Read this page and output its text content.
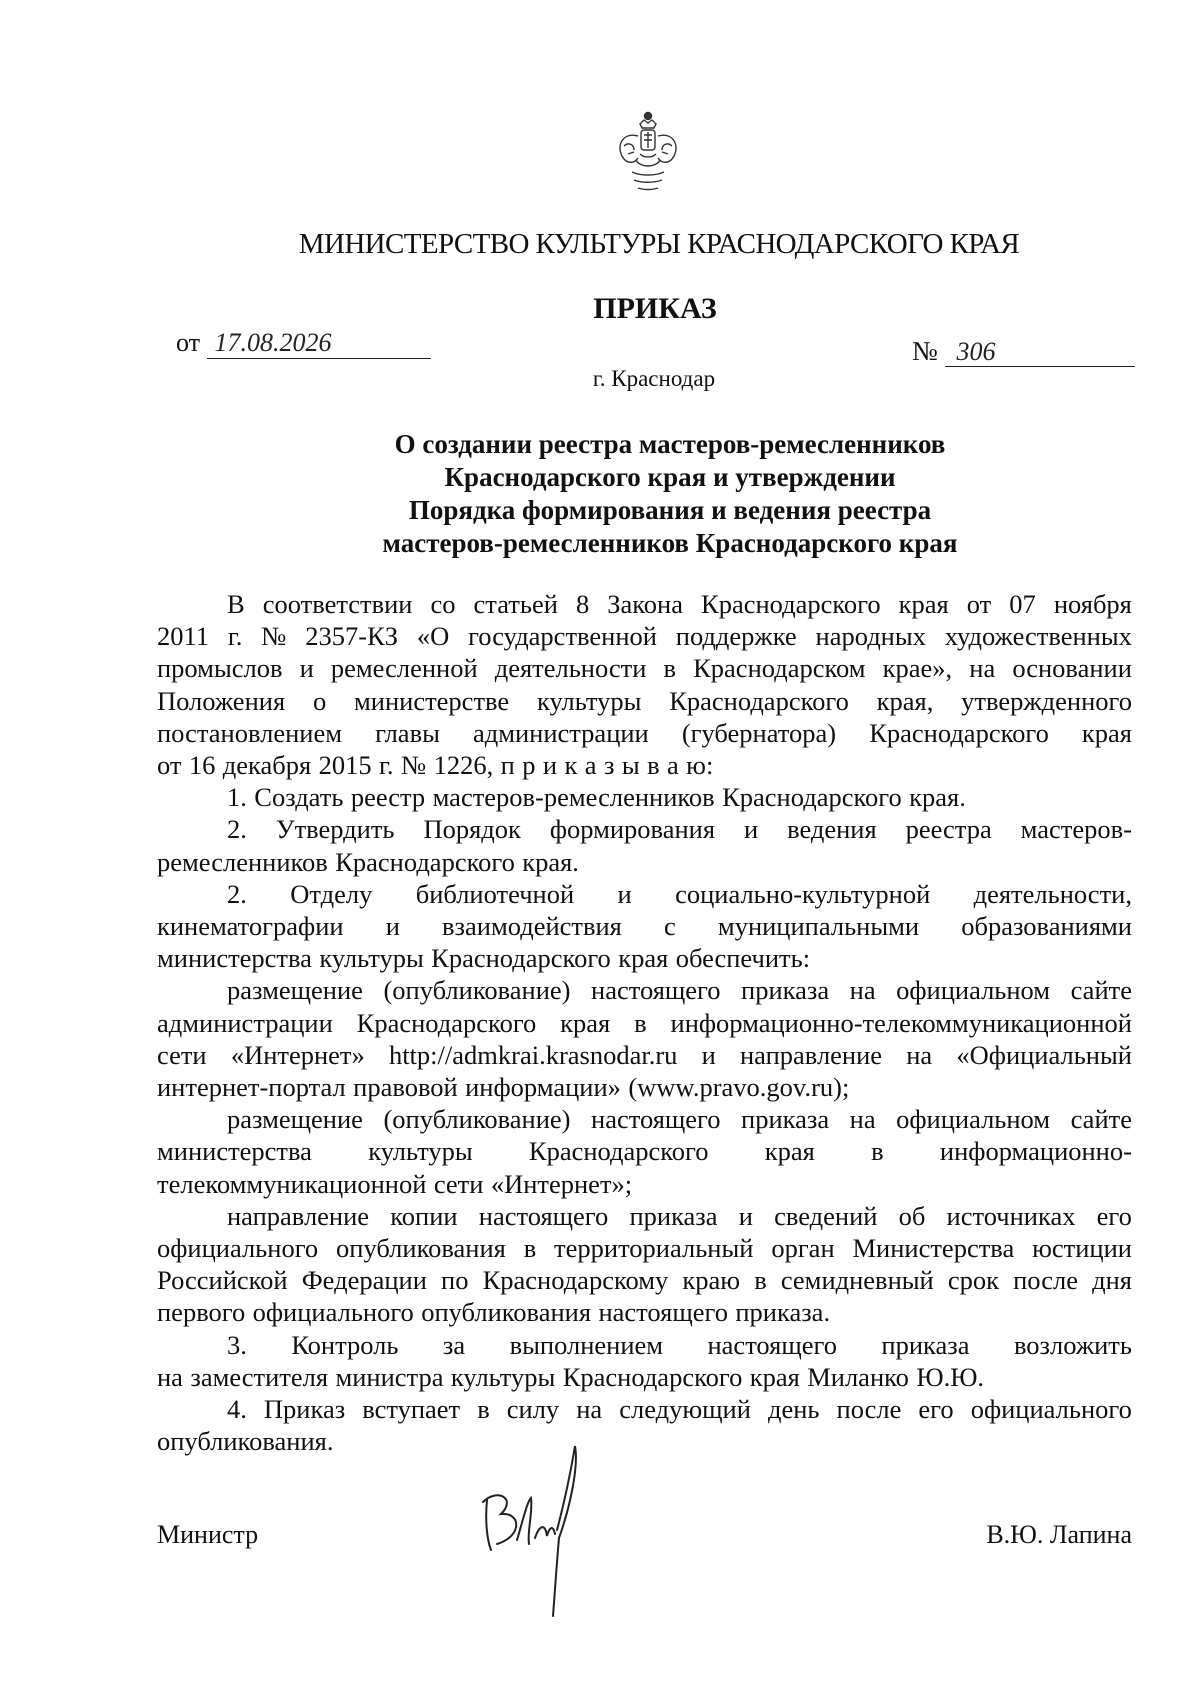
МИНИСТЕРСТВО КУЛЬТУРЫ КРАСНОДАРСКОГО КРАЯ
ПРИКАЗ
от 17.08.2026	№ 306
г. Краснодар
О создании реестра мастеров-ремесленников
Краснодарского края и утверждении
Порядка формирования и ведения реестра
мастеров-ремесленников Краснодарского края
В соответствии со статьей 8 Закона Краснодарского края от 07 ноября
2011 г. № 2357-КЗ «О государственной поддержке народных художественных
промыслов и ремесленной деятельности в Краснодарском крае», на основании
Положения о министерстве культуры Краснодарского края, утвержденного
постановлением главы администрации (губернатора) Краснодарского края
от 16 декабря 2015 г. № 1226, п р и к а з ы в а ю:
1. Создать реестр мастеров-ремесленников Краснодарского края.
2. Утвердить Порядок формирования и ведения реестра мастеров-
ремесленников Краснодарского края.
2. Отделу библиотечной и социально-культурной деятельности,
кинематографии и взаимодействия с муниципальными образованиями
министерства культуры Краснодарского края обеспечить:
размещение (опубликование) настоящего приказа на официальном сайте
администрации Краснодарского края в информационно-телекоммуникационной
сети «Интернет» http://admkrai.krasnodar.ru и направление на «Официальный
интернет-портал правовой информации» (www.pravo.gov.ru);
размещение (опубликование) настоящего приказа на официальном сайте
министерства культуры Краснодарского края в информационно-
телекоммуникационной сети «Интернет»;
направление копии настоящего приказа и сведений об источниках его
официального опубликования в территориальный орган Министерства юстиции
Российской Федерации по Краснодарскому краю в семидневный срок после дня
первого официального опубликования настоящего приказа.
3. Контроль за выполнением настоящего приказа возложить
на заместителя министра культуры Краснодарского края Миланко Ю.Ю.
4. Приказ вступает в силу на следующий день после его официального
опубликования.
Министр	В.Ю. Лапина
